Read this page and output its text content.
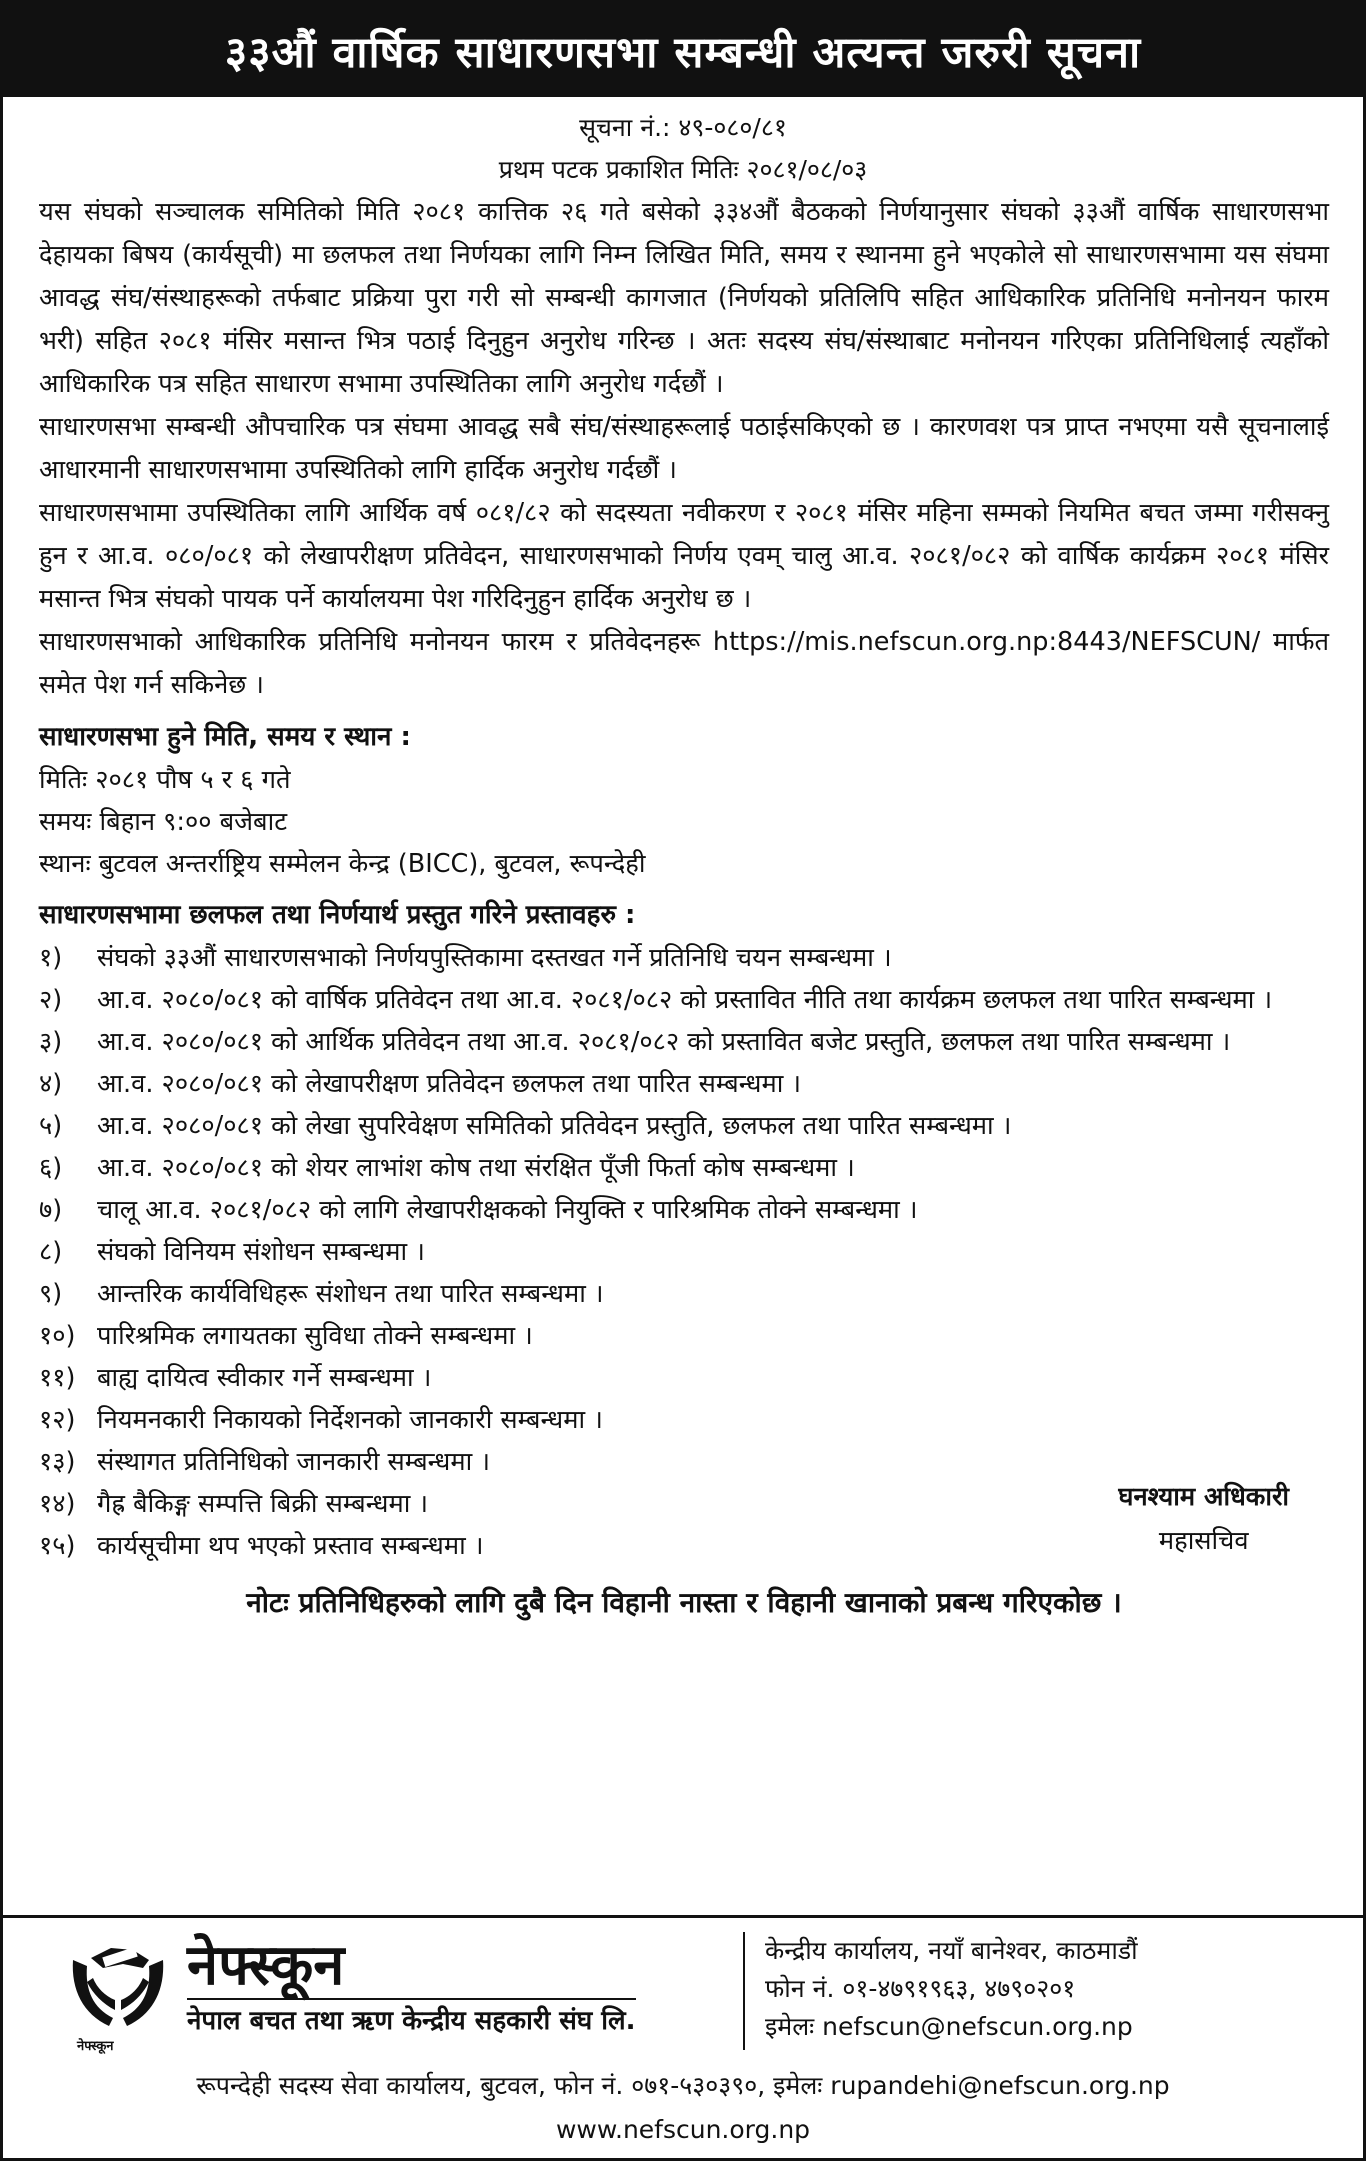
३३औं वार्षिक साधारणसभा सम्बन्धी अत्यन्त जरुरी सूचना
सूचना नं.: ४९-०८०/८१
प्रथम पटक प्रकाशित मितिः २०८१/०८/०३

यस संघको सञ्चालक समितिको मिति २०८१ कात्तिक २६ गते बसेको ३३४औं बैठकको निर्णयानुसार संघको ३३औं वार्षिक साधारणसभा देहायका बिषय (कार्यसूची) मा छलफल तथा निर्णयका लागि निम्न लिखित मिति, समय र स्थानमा हुने भएकोले सो साधारणसभामा यस संघमा आवद्ध संघ/संस्थाहरूको तर्फबाट प्रक्रिया पुरा गरी सो सम्बन्धी कागजात (निर्णयको प्रतिलिपि सहित आधिकारिक प्रतिनिधि मनोनयन फारम भरी) सहित २०८१ मंसिर मसान्त भित्र पठाई दिनुहुन अनुरोध गरिन्छ । अतः सदस्य संघ/संस्थाबाट मनोनयन गरिएका प्रतिनिधिलाई त्यहाँको आधिकारिक पत्र सहित साधारण सभामा उपस्थितिका लागि अनुरोध गर्दछौं ।

साधारणसभा सम्बन्धी औपचारिक पत्र संघमा आवद्ध सबै संघ/संस्थाहरूलाई पठाईसकिएको छ । कारणवश पत्र प्राप्त नभएमा यसै सूचनालाई आधारमानी साधारणसभामा उपस्थितिको लागि हार्दिक अनुरोध गर्दछौं ।

साधारणसभामा उपस्थितिका लागि आर्थिक वर्ष ०८१/८२ को सदस्यता नवीकरण र २०८१ मंसिर महिना सम्मको नियमित बचत जम्मा गरीसक्नु हुन र आ.व. ०८०/०८१ को लेखापरीक्षण प्रतिवेदन, साधारणसभाको निर्णय एवम् चालु आ.व. २०८१/०८२ को वार्षिक कार्यक्रम २०८१ मंसिर मसान्त भित्र संघको पायक पर्ने कार्यालयमा पेश गरिदिनुहुन हार्दिक अनुरोध छ ।

साधारणसभाको आधिकारिक प्रतिनिधि मनोनयन फारम र प्रतिवेदनहरू https://mis.nefscun.org.np:8443/NEFSCUN/ मार्फत समेत पेश गर्न सकिनेछ ।

साधारणसभा हुने मिति, समय र स्थान :
मितिः २०८१ पौष ५ र ६ गते
समयः बिहान ९:०० बजेबाट
स्थानः बुटवल अन्तर्राष्ट्रिय सम्मेलन केन्द्र (BICC), बुटवल, रूपन्देही
साधारणसभामा छलफल तथा निर्णयार्थ प्रस्तुत गरिने प्रस्तावहरु :
१)	संघको ३३औं साधारणसभाको निर्णयपुस्तिकामा दस्तखत गर्ने प्रतिनिधि चयन सम्बन्धमा ।
२)	आ.व. २०८०/०८१ को वार्षिक प्रतिवेदन तथा आ.व. २०८१/०८२ को प्रस्तावित नीति तथा कार्यक्रम छलफल तथा पारित सम्बन्धमा ।
३)	आ.व. २०८०/०८१ को आर्थिक प्रतिवेदन तथा आ.व. २०८१/०८२ को प्रस्तावित बजेट प्रस्तुति, छलफल तथा पारित सम्बन्धमा ।
४)	आ.व. २०८०/०८१ को लेखापरीक्षण प्रतिवेदन छलफल तथा पारित सम्बन्धमा ।
५)	आ.व. २०८०/०८१ को लेखा सुपरिवेक्षण समितिको प्रतिवेदन प्रस्तुति, छलफल तथा पारित सम्बन्धमा ।
६)	आ.व. २०८०/०८१ को शेयर लाभांश कोष तथा संरक्षित पूँजी फिर्ता कोष सम्बन्धमा ।
७)	चालू आ.व. २०८१/०८२ को लागि लेखापरीक्षकको नियुक्ति र पारिश्रमिक तोक्ने सम्बन्धमा ।
८)	संघको विनियम संशोधन सम्बन्धमा ।
९)	आन्तरिक कार्यविधिहरू संशोधन तथा पारित सम्बन्धमा ।
१०) पारिश्रमिक लगायतका सुविधा तोक्ने सम्बन्धमा ।
११) बाह्य दायित्व स्वीकार गर्ने सम्बन्धमा ।
१२) नियमनकारी निकायको निर्देशनको जानकारी सम्बन्धमा ।
१३) संस्थागत प्रतिनिधिको जानकारी सम्बन्धमा ।
१४) गैह्र बैकिङ्ग सम्पत्ति बिक्री सम्बन्धमा ।
१५) कार्यसूचीमा थप भएको प्रस्ताव सम्बन्धमा ।
घनश्याम अधिकारी
महासचिव
नोटः प्रतिनिधिहरुको लागि दुबै दिन विहानी नास्ता र विहानी खानाको प्रबन्ध गरिएकोछ ।
नेफ्स्कून
नेफ्स्कून
नेपाल बचत तथा ऋण केन्द्रीय सहकारी संघ लि.
केन्द्रीय कार्यालय, नयाँ बानेश्वर, काठमाडौं
फोन नं. ०१-४७९१९६३, ४७९०२०१
इमेलः nefscun@nefscun.org.np
रूपन्देही सदस्य सेवा कार्यालय, बुटवल, फोन नं. ०७१-५३०३९०, इमेलः rupandehi@nefscun.org.np
www.nefscun.org.np
